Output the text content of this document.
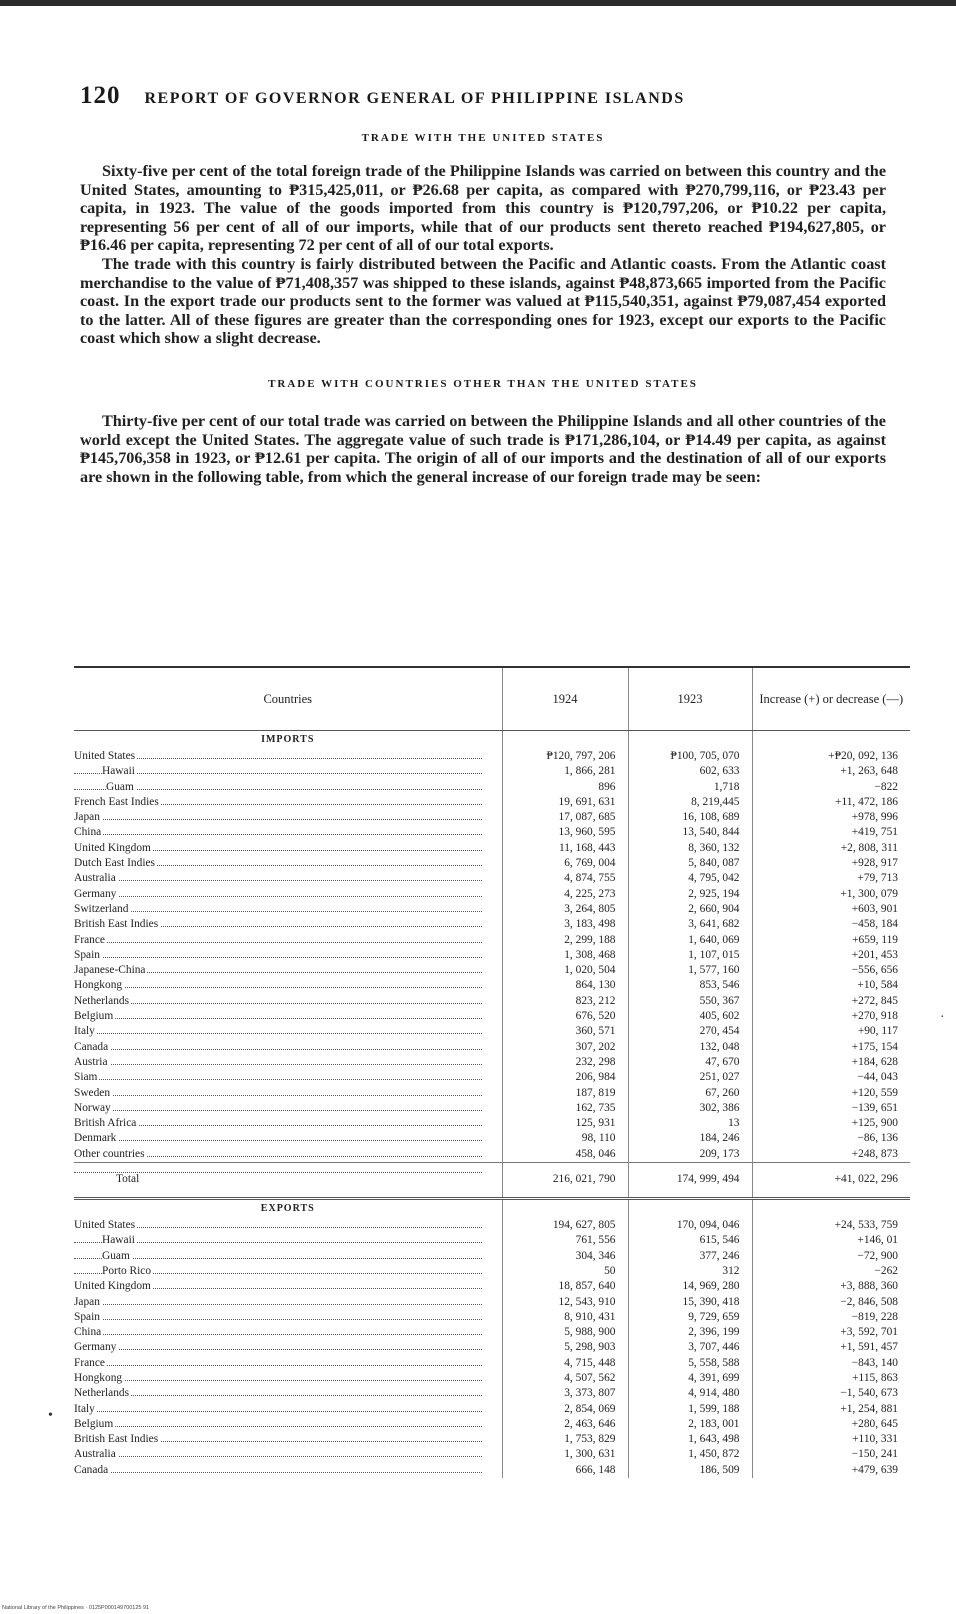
120 REPORT OF GOVERNOR GENERAL OF PHILIPPINE ISLANDS
TRADE WITH THE UNITED STATES

Sixty-five per cent of the total foreign trade of the Philippine Islands was carried on between this country and the United States, amounting to ₱315,425,011, or ₱26.68 per capita, as compared with ₱270,799,116, or ₱23.43 per capita, in 1923. The value of the goods imported from this country is ₱120,797,206, or ₱10.22 per capita, representing 56 per cent of all of our imports, while that of our products sent thereto reached ₱194,627,805, or ₱16.46 per capita, representing 72 per cent of all of our total exports.

The trade with this country is fairly distributed between the Pacific and Atlantic coasts. From the Atlantic coast merchandise to the value of ₱71,408,357 was shipped to these islands, against ₱48,873,665 imported from the Pacific coast. In the export trade our products sent to the former was valued at ₱115,540,351, against ₱79,087,454 exported to the latter. All of these figures are greater than the corresponding ones for 1923, except our exports to the Pacific coast which show a slight decrease.

TRADE WITH COUNTRIES OTHER THAN THE UNITED STATES

Thirty-five per cent of our total trade was carried on between the Philippine Islands and all other countries of the world except the United States. The aggregate value of such trade is ₱171,286,104, or ₱14.49 per capita, as against ₱145,706,358 in 1923, or ₱12.61 per capita. The origin of all of our imports and the destination of all of our exports are shown in the following table, from which the general increase of our foreign trade may be seen:

Countries	1924	1923	Increase (+) or decrease (—)
IMPORTS			

United States	₱120, 797, 206	₱100, 705, 070	+₱20, 092, 136

Hawaii	1, 866, 281	602, 633	+1, 263, 648

Guam	896	1,718	−822

French East Indies	19, 691, 631	8, 219,445	+11, 472, 186

Japan	17, 087, 685	16, 108, 689	+978, 996

China	13, 960, 595	13, 540, 844	+419, 751

United Kingdom	11, 168, 443	8, 360, 132	+2, 808, 311

Dutch East Indies	6, 769, 004	5, 840, 087	+928, 917

Australia	4, 874, 755	4, 795, 042	+79, 713

Germany	4, 225, 273	2, 925, 194	+1, 300, 079

Switzerland	3, 264, 805	2, 660, 904	+603, 901

British East Indies	3, 183, 498	3, 641, 682	−458, 184

France	2, 299, 188	1, 640, 069	+659, 119

Spain	1, 308, 468	1, 107, 015	+201, 453

Japanese-China	1, 020, 504	1, 577, 160	−556, 656

Hongkong	864, 130	853, 546	+10, 584

Netherlands	823, 212	550, 367	+272, 845

Belgium	676, 520	405, 602	+270, 918

Italy	360, 571	270, 454	+90, 117

Canada	307, 202	132, 048	+175, 154

Austria	232, 298	47, 670	+184, 628

Siam	206, 984	251, 027	−44, 043

Sweden	187, 819	67, 260	+120, 559

Norway	162, 735	302, 386	−139, 651

British Africa	125, 931	13	+125, 900

Denmark	98, 110	184, 246	−86, 136

Other countries	458, 046	209, 173	+248, 873

Total	216, 021, 790	174, 999, 494	+41, 022, 296
EXPORTS			

United States	194, 627, 805	170, 094, 046	+24, 533, 759

Hawaii	761, 556	615, 546	+146, 01

Guam	304, 346	377, 246	−72, 900

Porto Rico	50	312	−262

United Kingdom	18, 857, 640	14, 969, 280	+3, 888, 360

Japan	12, 543, 910	15, 390, 418	−2, 846, 508

Spain	8, 910, 431	9, 729, 659	−819, 228

China	5, 988, 900	2, 396, 199	+3, 592, 701

Germany	5, 298, 903	3, 707, 446	+1, 591, 457

France	4, 715, 448	5, 558, 588	−843, 140

Hongkong	4, 507, 562	4, 391, 699	+115, 863

Netherlands	3, 373, 807	4, 914, 480	−1, 540, 673

Italy	2, 854, 069	1, 599, 188	+1, 254, 881

Belgium	2, 463, 646	2, 183, 001	+280, 645

British East Indies	1, 753, 829	1, 643, 498	+110, 331

Australia	1, 300, 631	1, 450, 872	−150, 241

Canada	666, 148	186, 509	+479, 639
·
•
National Library of the Philippines · 0125P000149700125 91
